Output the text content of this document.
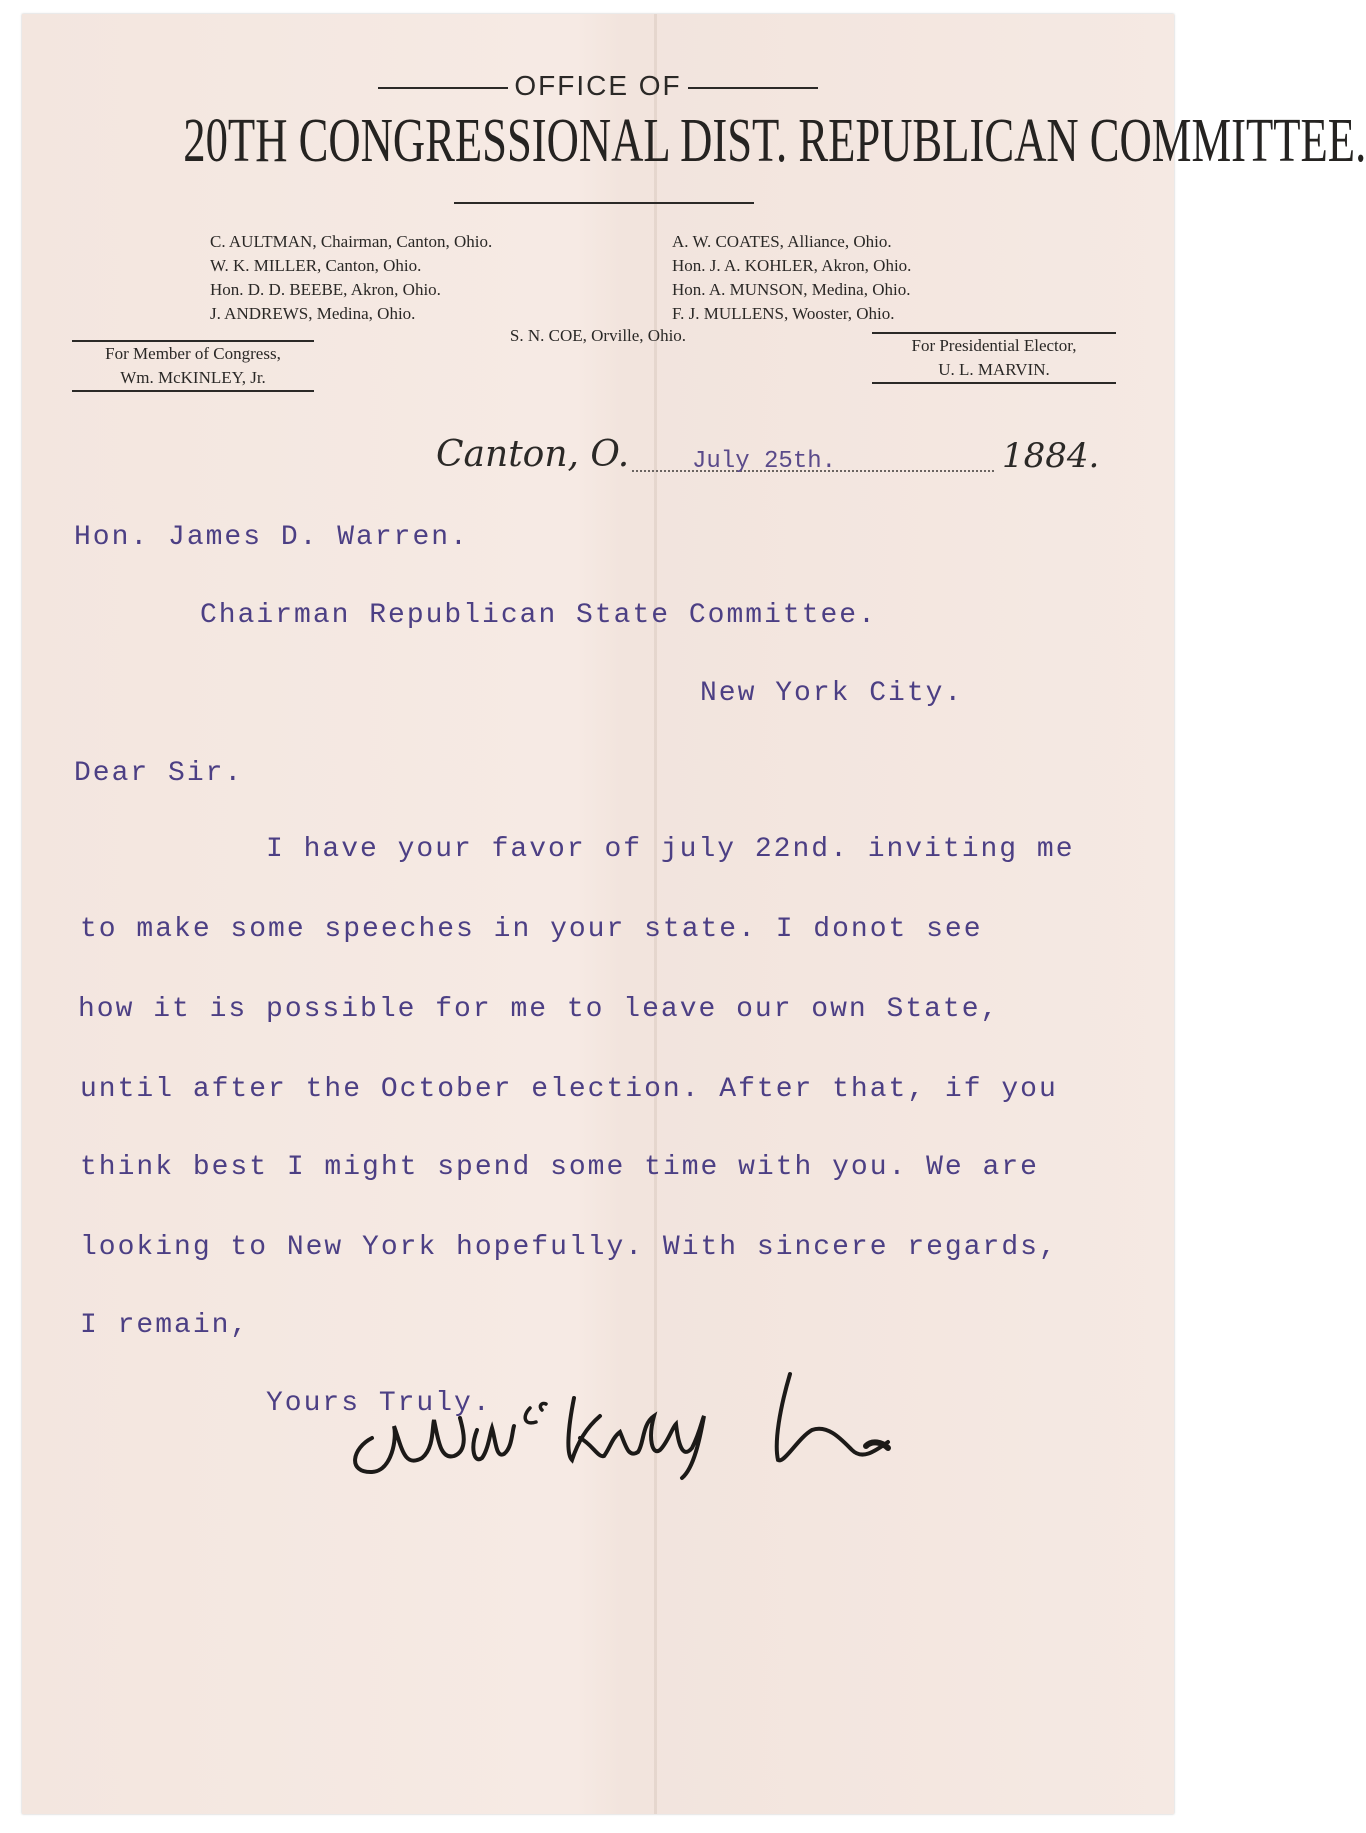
OFFICE OF
20TH CONGRESSIONAL DIST. REPUBLICAN COMMITTEE.
C. AULTMAN, Chairman, Canton, Ohio.
W. K. MILLER, Canton, Ohio.
Hon. D. D. BEEBE, Akron, Ohio.
J. ANDREWS, Medina, Ohio.
A. W. COATES, Alliance, Ohio.
Hon. J. A. KOHLER, Akron, Ohio.
Hon. A. MUNSON, Medina, Ohio.
F. J. MULLENS, Wooster, Ohio.
S. N. COE, Orville, Ohio.
For Member of Congress,
Wm. McKINLEY, Jr.
For Presidential Elector,
U. L. MARVIN.
Canton, O.	July 25th.	1884.
Hon. James D. Warren.
Chairman Republican State Committee.
New York City.
Dear Sir.
I have your favor of july 22nd. inviting me
to make some speeches in your state. I donot see
how it is possible for me to leave our own State,
until after the October election. After that, if you
think best I might spend some time with you. We are
looking to New York hopefully. With sincere regards,
I remain,
Yours Truly.
